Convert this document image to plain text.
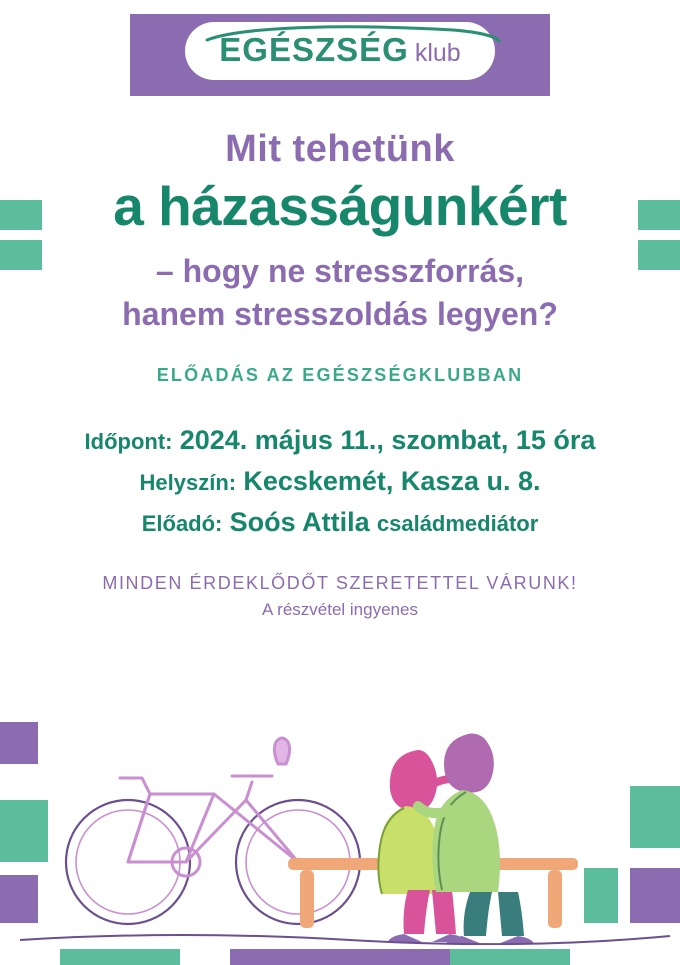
EGÉSZSÉG klub
Mit tehetünk
a házasságunkért
– hogy ne stresszforrás,
hanem stresszoldás legyen?
ELŐADÁS AZ EGÉSZSÉGKLUBBAN
Időpont: 2024. május 11., szombat, 15 óra
Helyszín: Kecskemét, Kasza u. 8.
Előadó: Soós Attila családmediátor
MINDEN ÉRDEKLŐDŐT SZERETETTEL VÁRUNK!
A részvétel ingyenes
